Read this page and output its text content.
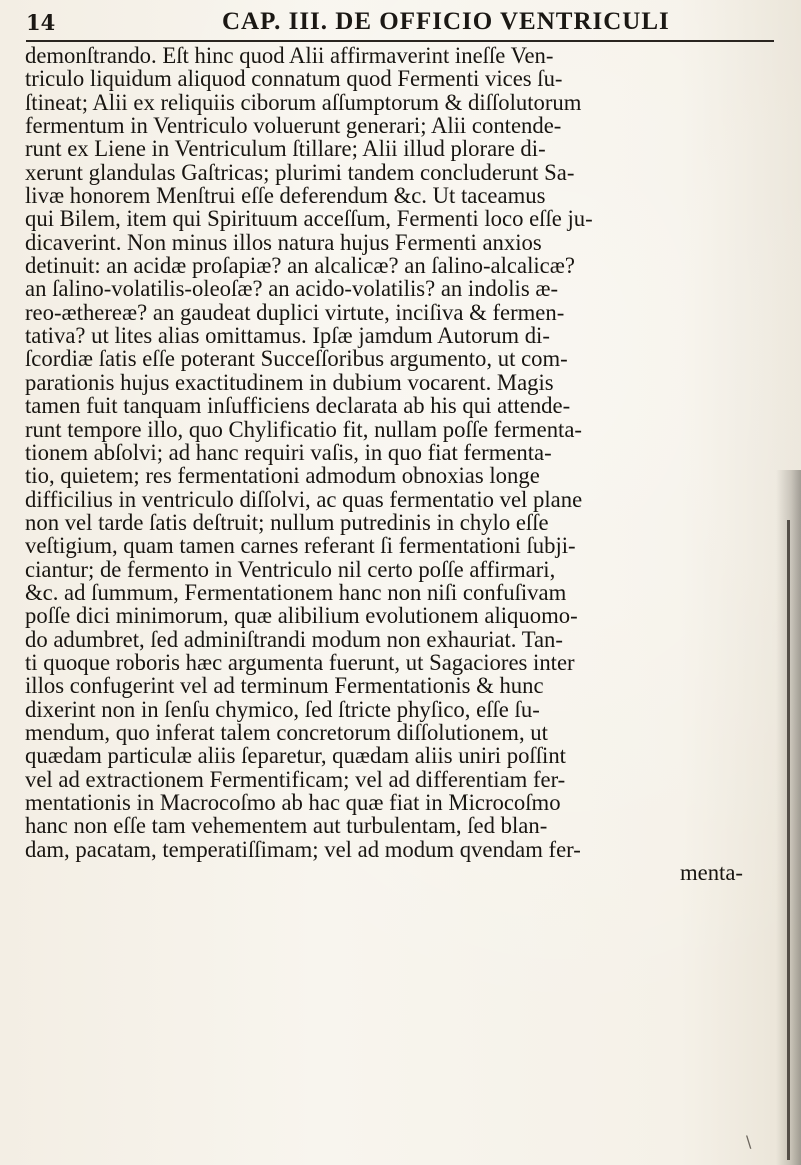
14	CAP. III. DE OFFICIO VENTRICULI
demonſtrando. Eſt hinc quod Alii affirmaverint ineſſe Ven-
triculo liquidum aliquod connatum quod Fermenti vices ſu-
ſtineat; Alii ex reliquiis ciborum aſſumptorum & diſſolutorum
fermentum in Ventriculo voluerunt generari; Alii contende-
runt ex Liene in Ventriculum ſtillare; Alii illud plorare di-
xerunt glandulas Gaſtricas; plurimi tandem concluderunt Sa-
livæ honorem Menſtrui eſſe deferendum &c. Ut taceamus
qui Bilem, item qui Spirituum acceſſum, Fermenti loco eſſe ju-
dicaverint. Non minus illos natura hujus Fermenti anxios
detinuit: an acidæ proſapiæ? an alcalicæ? an ſalino-alcalicæ?
an ſalino-volatilis-oleoſæ? an acido-volatilis? an indolis æ-
reo-æthereæ? an gaudeat duplici virtute, inciſiva & fermen-
tativa? ut lites alias omittamus. Ipſæ jamdum Autorum di-
ſcordiæ ſatis eſſe poterant Succeſſoribus argumento, ut com-
parationis hujus exactitudinem in dubium vocarent. Magis
tamen fuit tanquam inſufficiens declarata ab his qui attende-
runt tempore illo, quo Chylificatio fit, nullam poſſe fermenta-
tionem abſolvi; ad hanc requiri vaſis, in quo fiat fermenta-
tio, quietem; res fermentationi admodum obnoxias longe
difficilius in ventriculo diſſolvi, ac quas fermentatio vel plane
non vel tarde ſatis deſtruit; nullum putredinis in chylo eſſe
veſtigium, quam tamen carnes referant ſi fermentationi ſubji-
ciantur; de fermento in Ventriculo nil certo poſſe affirmari,
&c. ad ſummum, Fermentationem hanc non niſi confuſivam
poſſe dici minimorum, quæ alibilium evolutionem aliquomo-
do adumbret, ſed adminiſtrandi modum non exhauriat. Tan-
ti quoque roboris hæc argumenta fuerunt, ut Sagaciores inter
illos confugerint vel ad terminum Fermentationis & hunc
dixerint non in ſenſu chymico, ſed ſtricte phyſico, eſſe ſu-
mendum, quo inferat talem concretorum diſſolutionem, ut
quædam particulæ aliis ſeparetur, quædam aliis uniri poſſint
vel ad extractionem Fermentificam; vel ad differentiam fer-
mentationis in Macrocoſmo ab hac quæ fiat in Microcoſmo
hanc non eſſe tam vehementem aut turbulentam, ſed blan-
dam, pacatam, temperatiſſimam; vel ad modum qvendam fer-
menta-
\
